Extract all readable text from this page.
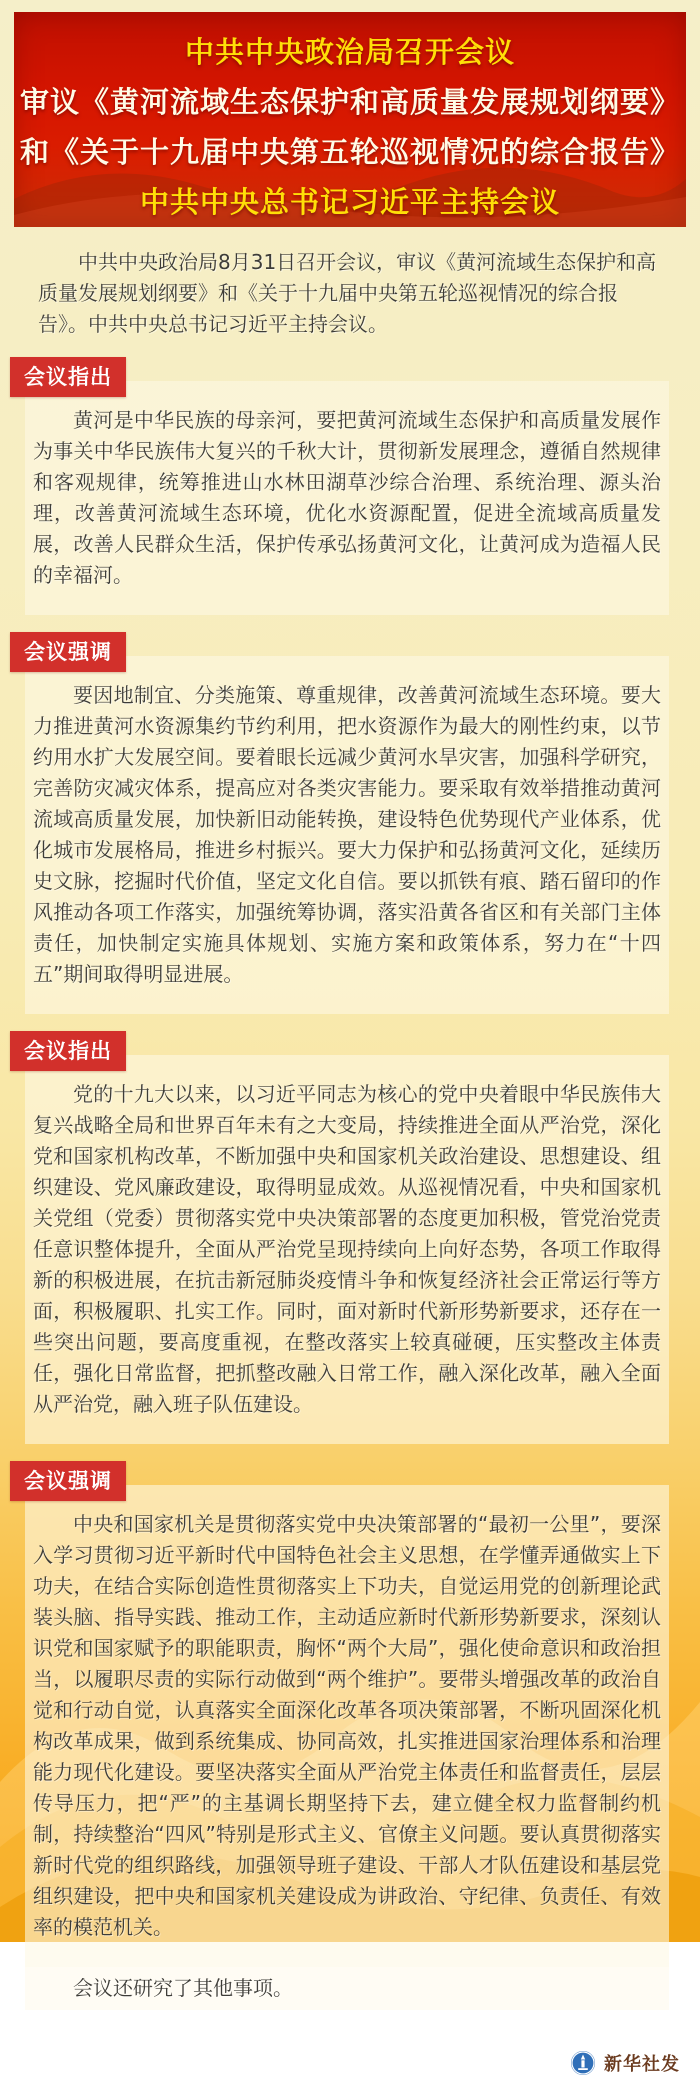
中共中央政治局召开会议
审议《黄河流域生态保护和高质量发展规划纲要》
和《关于十九届中央第五轮巡视情况的综合报告》
中共中央总书记习近平主持会议

中共中央政治局8月31日召开会议，审议《黄河流域生态保护和高质量发展规划纲要》和《关于十九届中央第五轮巡视情况的综合报告》。中共中央总书记习近平主持会议。

会议指出

黄河是中华民族的母亲河，要把黄河流域生态保护和高质量发展作为事关中华民族伟大复兴的千秋大计，贯彻新发展理念，遵循自然规律和客观规律，统筹推进山水林田湖草沙综合治理、系统治理、源头治理，改善黄河流域生态环境，优化水资源配置，促进全流域高质量发展，改善人民群众生活，保护传承弘扬黄河文化，让黄河成为造福人民的幸福河。

会议强调

要因地制宜、分类施策、尊重规律，改善黄河流域生态环境。要大力推进黄河水资源集约节约利用，把水资源作为最大的刚性约束，以节约用水扩大发展空间。要着眼长远减少黄河水旱灾害，加强科学研究，完善防灾减灾体系，提高应对各类灾害能力。要采取有效举措推动黄河流域高质量发展，加快新旧动能转换，建设特色优势现代产业体系，优化城市发展格局，推进乡村振兴。要大力保护和弘扬黄河文化，延续历史文脉，挖掘时代价值，坚定文化自信。要以抓铁有痕、踏石留印的作风推动各项工作落实，加强统筹协调，落实沿黄各省区和有关部门主体责任，加快制定实施具体规划、实施方案和政策体系，努力在“十四五”期间取得明显进展。

会议指出

党的十九大以来，以习近平同志为核心的党中央着眼中华民族伟大复兴战略全局和世界百年未有之大变局，持续推进全面从严治党，深化党和国家机构改革，不断加强中央和国家机关政治建设、思想建设、组织建设、党风廉政建设，取得明显成效。从巡视情况看，中央和国家机关党组（党委）贯彻落实党中央决策部署的态度更加积极，管党治党责任意识整体提升，全面从严治党呈现持续向上向好态势，各项工作取得新的积极进展，在抗击新冠肺炎疫情斗争和恢复经济社会正常运行等方面，积极履职、扎实工作。同时，面对新时代新形势新要求，还存在一些突出问题，要高度重视，在整改落实上较真碰硬，压实整改主体责任，强化日常监督，把抓整改融入日常工作，融入深化改革，融入全面从严治党，融入班子队伍建设。

会议强调

中央和国家机关是贯彻落实党中央决策部署的“最初一公里”，要深入学习贯彻习近平新时代中国特色社会主义思想，在学懂弄通做实上下功夫，在结合实际创造性贯彻落实上下功夫，自觉运用党的创新理论武装头脑、指导实践、推动工作，主动适应新时代新形势新要求，深刻认识党和国家赋予的职能职责，胸怀“两个大局”，强化使命意识和政治担当，以履职尽责的实际行动做到“两个维护”。要带头增强改革的政治自觉和行动自觉，认真落实全面深化改革各项决策部署，不断巩固深化机构改革成果，做到系统集成、协同高效，扎实推进国家治理体系和治理能力现代化建设。要坚决落实全面从严治党主体责任和监督责任，层层传导压力，把“严”的主基调长期坚持下去，建立健全权力监督制约机制，持续整治“四风”特别是形式主义、官僚主义问题。要认真贯彻落实新时代党的组织路线，加强领导班子建设、干部人才队伍建设和基层党组织建设，把中央和国家机关建设成为讲政治、守纪律、负责任、有效率的模范机关。

会议还研究了其他事项。

新华社发
